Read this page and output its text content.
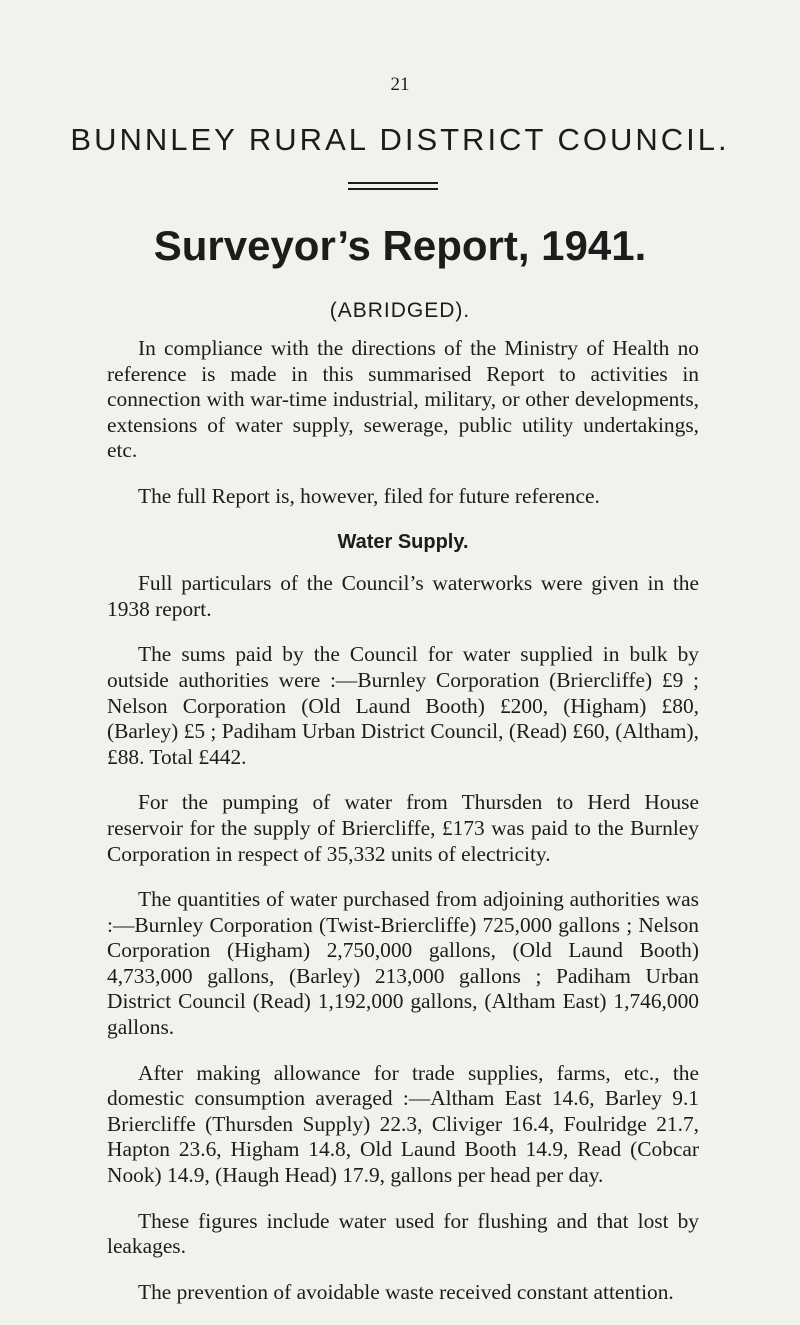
21
BUNNLEY RURAL DISTRICT COUNCIL.
Surveyor’s Report, 1941.
(ABRIDGED).

In compliance with the directions of the Ministry of Health no reference is made in this summarised Report to activities in connection with war-time industrial, military, or other developments, extensions of water supply, sewerage, public utility undertakings, etc.

The full Report is, however, filed for future reference.

Water Supply.

Full particulars of the Council’s waterworks were given in the 1938 report.

The sums paid by the Council for water supplied in bulk by outside authorities were :—Burnley Corporation (Briercliffe) £9 ; Nelson Corporation (Old Laund Booth) £200, (Higham) £80, (Barley) £5 ; Padiham Urban District Council, (Read) £60, (Altham), £88. Total £442.

For the pumping of water from Thursden to Herd House reservoir for the supply of Briercliffe, £173 was paid to the Burnley Corporation in respect of 35,332 units of electricity.

The quantities of water purchased from adjoining authorities was :—Burnley Corporation (Twist-Briercliffe) 725,000 gallons ; Nelson Corporation (Higham) 2,750,000 gallons, (Old Laund Booth) 4,733,000 gallons, (Barley) 213,000 gallons ; Padiham Urban District Council (Read) 1,192,000 gallons, (Altham East) 1,746,000 gallons.

After making allowance for trade supplies, farms, etc., the domestic consumption averaged :—Altham East 14.6, Barley 9.1 Briercliffe (Thursden Supply) 22.3, Cliviger 16.4, Foulridge 21.7, Hapton 23.6, Higham 14.8, Old Laund Booth 14.9, Read (Cobcar Nook) 14.9, (Haugh Head) 17.9, gallons per head per day.

These figures include water used for flushing and that lost by leakages.

The prevention of avoidable waste received constant attention.
